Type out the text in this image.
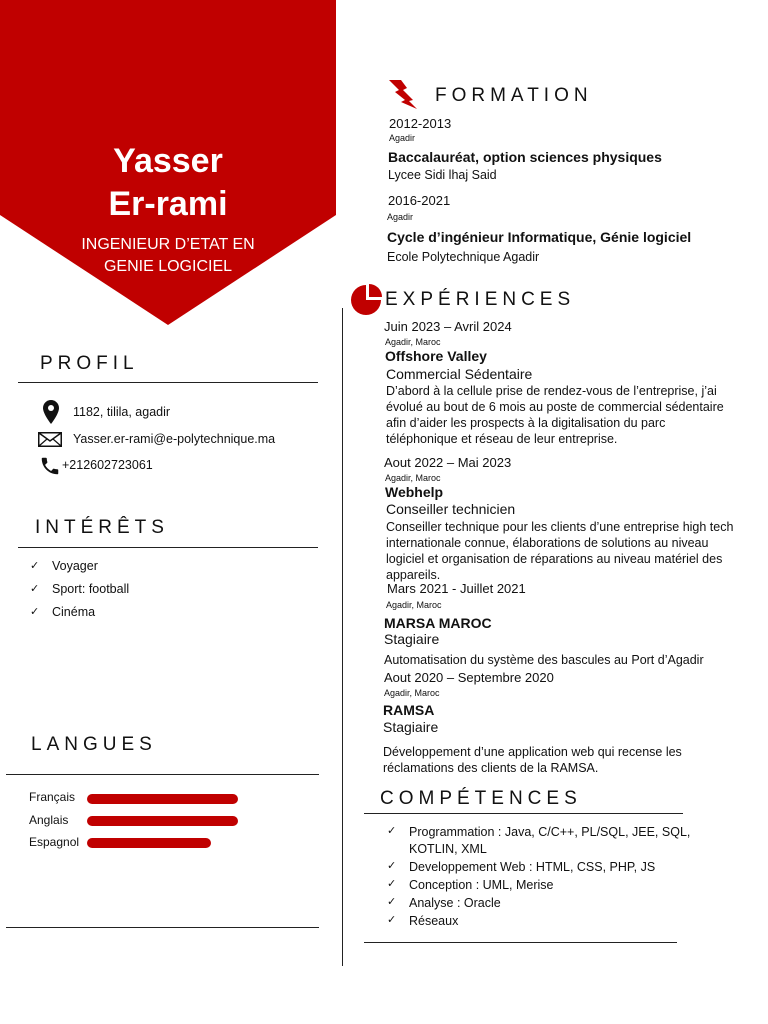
Yasser
Er-rami
INGENIEUR D’ETAT EN
GENIE LOGICIEL
PROFIL
1182, tilila, agadir
Yasser.er-rami@e-polytechnique.ma
+212602723061
INTÉRÊTS
✓ Voyager
✓ Sport: football
✓ Cinéma
LANGUES
Français
Anglais
Espagnol
FORMATION
2012-2013
Agadir
Baccalauréat, option sciences physiques
Lycee Sidi lhaj Said
2016-2021
Agadir
Cycle d’ingénieur Informatique, Génie logiciel
Ecole Polytechnique Agadir
EXPÉRIENCES
Juin 2023 – Avril 2024
Agadir, Maroc
Offshore Valley
Commercial Sédentaire
D’abord à la cellule prise de rendez-vous de l’entreprise, j’ai
évolué au bout de 6 mois au poste de commercial sédentaire
afin d’aider les prospects à la digitalisation du parc
téléphonique et réseau de leur entreprise.
Aout 2022 – Mai 2023
Agadir, Maroc
Webhelp
Conseiller technicien
Conseiller technique pour les clients d’une entreprise high tech
internationale connue, élaborations de solutions au niveau
logiciel et organisation de réparations au niveau matériel des
appareils.
Mars 2021 - Juillet 2021
Agadir, Maroc
MARSA MAROC
Stagiaire
Automatisation du système des bascules au Port d’Agadir
Aout 2020 – Septembre 2020
Agadir, Maroc
RAMSA
Stagiaire
Développement d’une application web qui recense les
réclamations des clients de la RAMSA.
COMPÉTENCES
✓ Programmation : Java, C/C++, PL/SQL, JEE, SQL,
KOTLIN, XML
✓ Developpement Web : HTML, CSS, PHP, JS
✓ Conception : UML, Merise
✓ Analyse : Oracle
✓ Réseaux
